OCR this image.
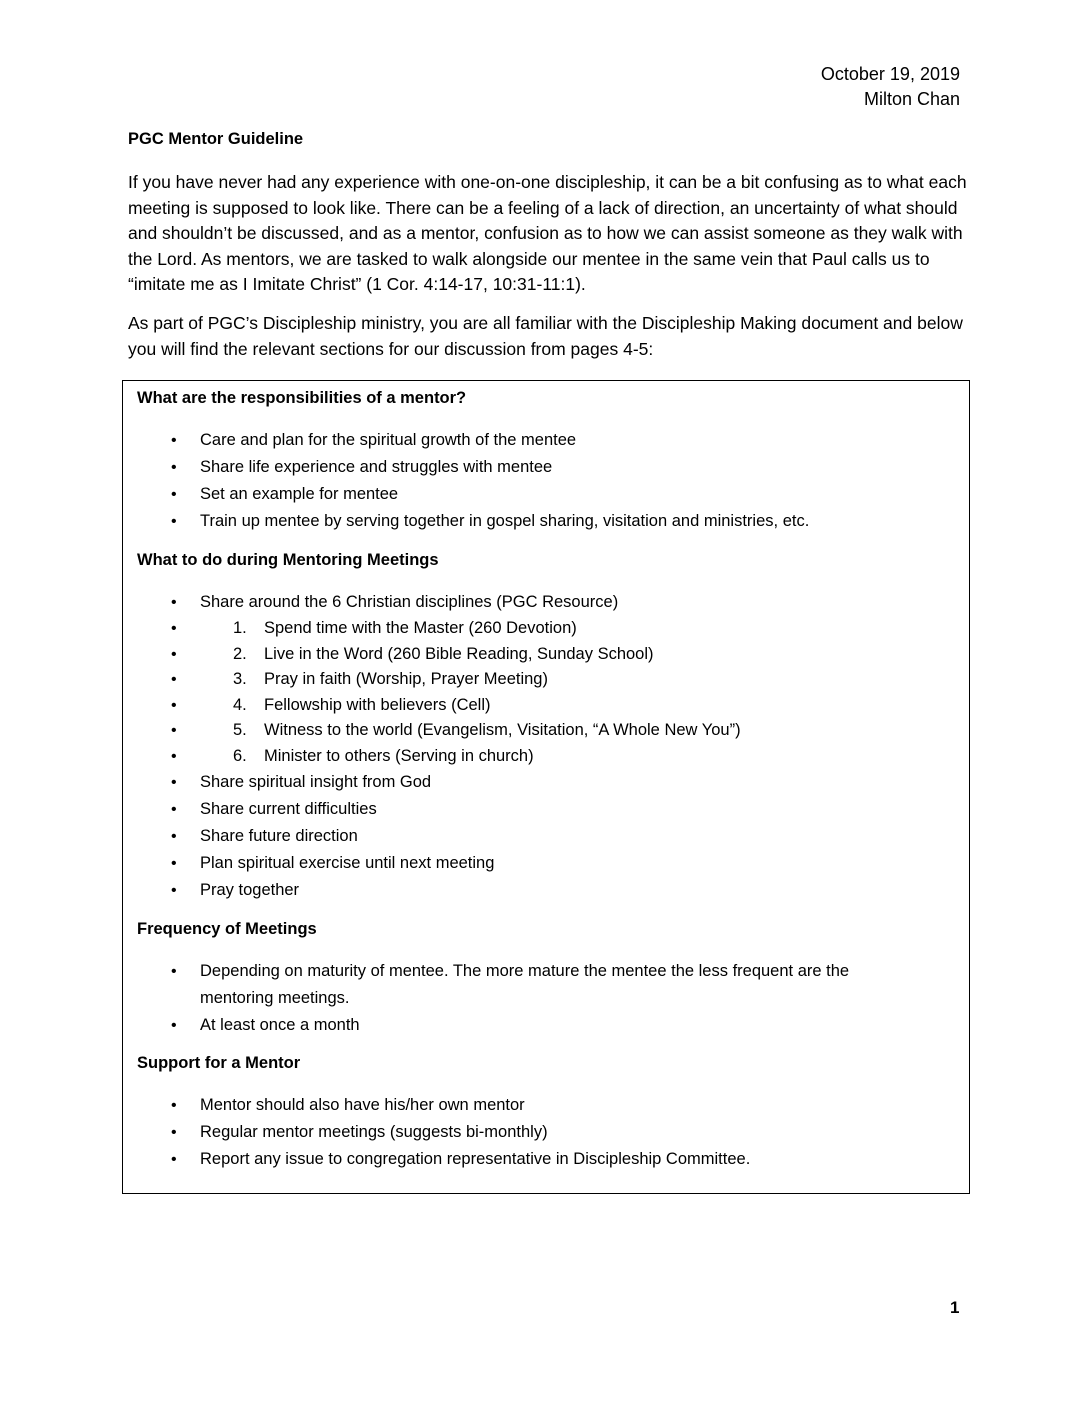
October 19, 2019
Milton Chan
PGC Mentor Guideline
If you have never had any experience with one-on-one discipleship, it can be a bit confusing as to what each meeting is supposed to look like. There can be a feeling of a lack of direction, an uncertainty of what should and shouldn’t be discussed, and as a mentor, confusion as to how we can assist someone as they walk with the Lord. As mentors, we are tasked to walk alongside our mentee in the same vein that Paul calls us to “imitate me as I Imitate Christ” (1 Cor. 4:14-17, 10:31-11:1).
As part of PGC’s Discipleship ministry, you are all familiar with the Discipleship Making document and below you will find the relevant sections for our discussion from pages 4-5:
What are the responsibilities of a mentor?
• Care and plan for the spiritual growth of the mentee
• Share life experience and struggles with mentee
• Set an example for mentee
• Train up mentee by serving together in gospel sharing, visitation and ministries, etc.
What to do during Mentoring Meetings
• Share around the 6 Christian disciplines (PGC Resource)
• 1. Spend time with the Master (260 Devotion)
• 2. Live in the Word (260 Bible Reading, Sunday School)
• 3. Pray in faith (Worship, Prayer Meeting)
• 4. Fellowship with believers (Cell)
• 5. Witness to the world (Evangelism, Visitation, “A Whole New You”)
• 6. Minister to others (Serving in church)
• Share spiritual insight from God
• Share current difficulties
• Share future direction
• Plan spiritual exercise until next meeting
• Pray together
Frequency of Meetings
• Depending on maturity of mentee. The more mature the mentee the less frequent are the mentoring meetings.
• At least once a month
Support for a Mentor
• Mentor should also have his/her own mentor
• Regular mentor meetings (suggests bi-monthly)
• Report any issue to congregation representative in Discipleship Committee.
1
